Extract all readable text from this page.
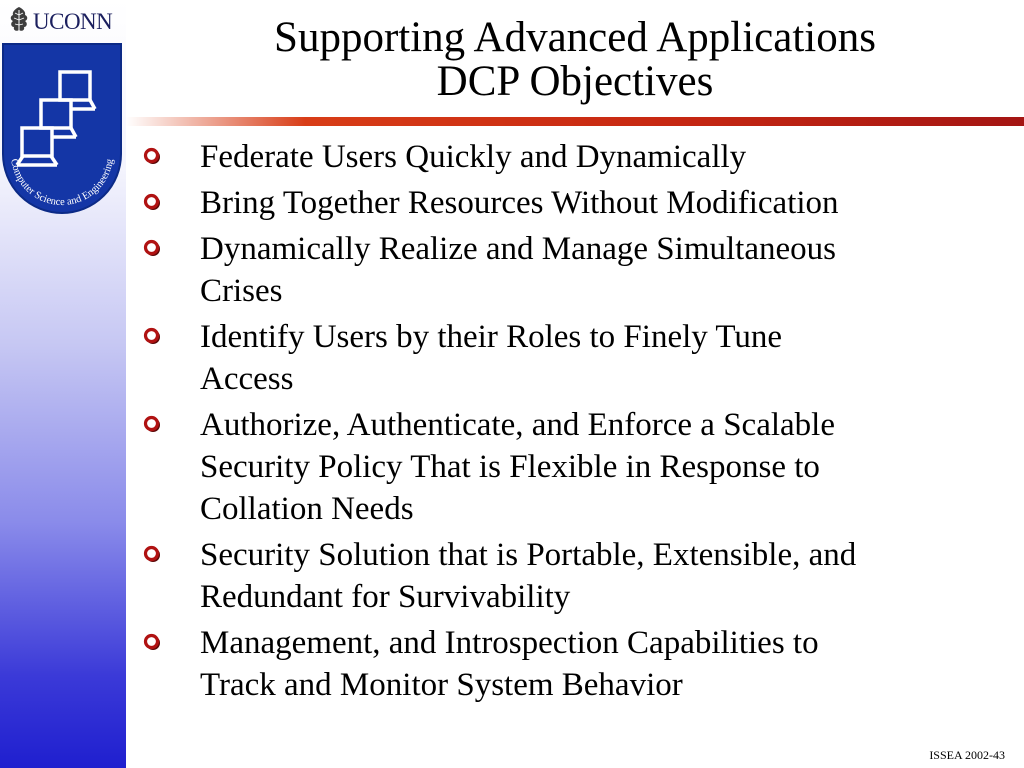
UCONN
Computer Science and Engineering
Supporting Advanced Applications
DCP Objectives
Federate Users Quickly and Dynamically
Bring Together Resources Without Modification
Dynamically Realize and Manage Simultaneous
Crises
Identify Users by their Roles to Finely Tune
Access
Authorize, Authenticate, and Enforce a Scalable
Security Policy That is Flexible in Response to
Collation Needs
Security Solution that is Portable, Extensible, and
Redundant for Survivability
Management, and Introspection Capabilities to
Track and Monitor System Behavior
ISSEA 2002-43
